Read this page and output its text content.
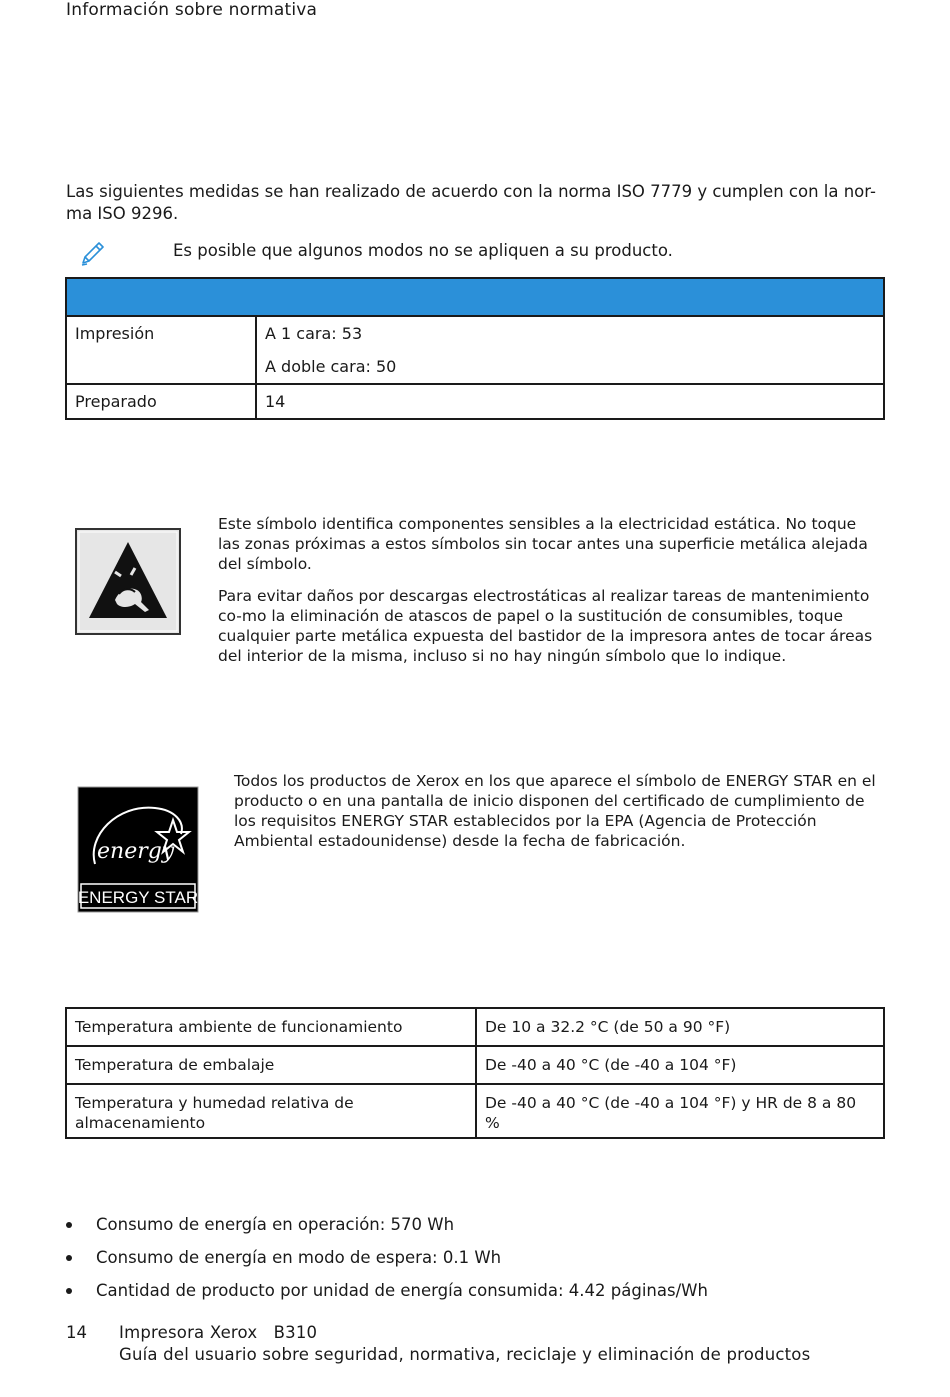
Información sobre normativa
Las siguientes medidas se han realizado de acuerdo con la norma ISO 7779 y cumplen con la nor-ma ISO 9296.
Es posible que algunos modos no se apliquen a su producto.

Impresión	A 1 cara: 53
A doble cara: 50

Preparado	14

Este símbolo identifica componentes sensibles a la electricidad estática. No toque las zonas próximas a estos símbolos sin tocar antes una superficie metálica alejada del símbolo.

Para evitar daños por descargas electrostáticas al realizar tareas de mantenimiento co-mo la eliminación de atascos de papel o la sustitución de consumibles, toque cualquier parte metálica expuesta del bastidor de la impresora antes de tocar áreas del interior de la misma, incluso si no hay ningún símbolo que lo indique.

energy
ENERGY STAR
Todos los productos de Xerox en los que aparece el símbolo de ENERGY STAR en el producto o en una pantalla de inicio disponen del certificado de cumplimiento de los requisitos ENERGY STAR establecidos por la EPA (Agencia de Protección Ambiental estadounidense) desde la fecha de fabricación.
Temperatura ambiente de funcionamiento	De 10 a 32.2 °C (de 50 a 90 °F)
Temperatura de embalaje	De -40 a 40 °C (de -40 a 104 °F)
Temperatura y humedad relativa de almacenamiento	De -40 a 40 °C (de -40 a 104 °F) y HR de 8 a 80 %
Consumo de energía en operación: 570 Wh
Consumo de energía en modo de espera: 0.1 Wh
Cantidad de producto por unidad de energía consumida: 4.42 páginas/Wh
14 Impresora Xerox   B310
Guía del usuario sobre seguridad, normativa, reciclaje y eliminación de productos
